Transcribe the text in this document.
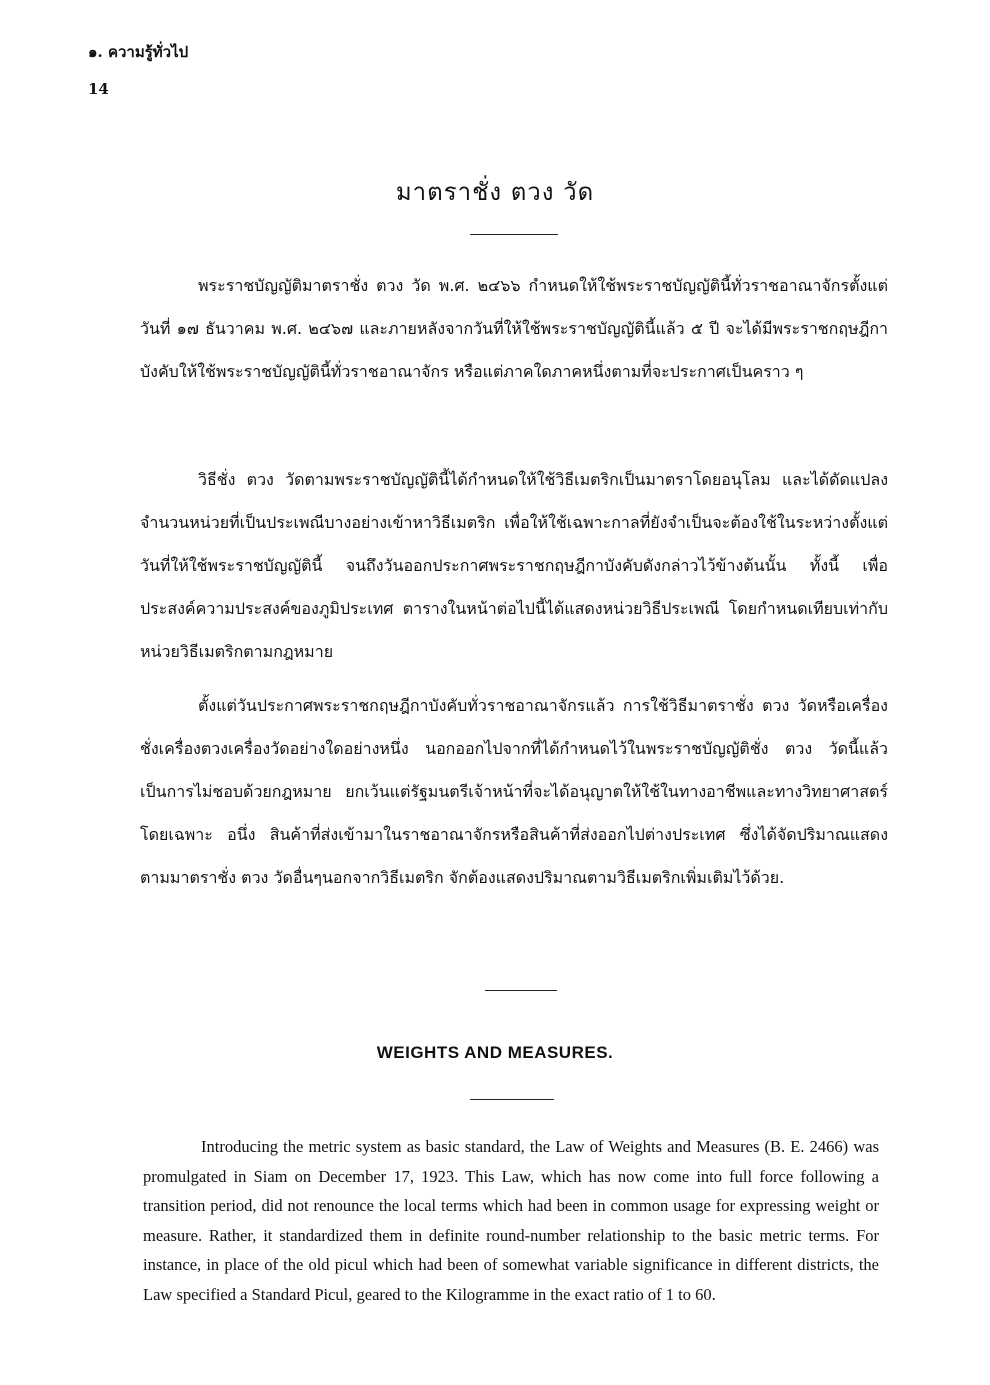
๑. ความรู้ทั่วไป
14
มาตราชั่ง ตวง วัด

พระราชบัญญัติมาตราชั่ง ตวง วัด พ.ศ. ๒๔๖๖ กำหนดให้ใช้พระราชบัญญัตินี้ทั่วราชอาณาจักรตั้งแต่วันที่ ๑๗ ธันวาคม พ.ศ. ๒๔๖๗ และภายหลังจากวันที่ให้ใช้พระราชบัญญัตินี้แล้ว ๕ ปี จะได้มีพระราชกฤษฎีกาบังคับให้ใช้พระราชบัญญัตินี้ทั่วราชอาณาจักร หรือแต่ภาคใดภาคหนึ่งตามที่จะประกาศเป็นคราว ๆ

วิธีชั่ง ตวง วัดตามพระราชบัญญัตินี้ได้กำหนดให้ใช้วิธีเมตริกเป็นมาตราโดยอนุโลม และได้ดัดแปลงจำนวนหน่วยที่เป็นประเพณีบางอย่างเข้าหาวิธีเมตริก เพื่อให้ใช้เฉพาะกาลที่ยังจำเป็นจะต้องใช้ในระหว่างตั้งแต่วันที่ให้ใช้พระราชบัญญัตินี้ จนถึงวันออกประกาศพระราชกฤษฎีกาบังคับดังกล่าวไว้ข้างต้นนั้น ทั้งนี้ เพื่อประสงค์ความประสงค์ของภูมิประเทศ ตารางในหน้าต่อไปนี้ได้แสดงหน่วยวิธีประเพณี โดยกำหนดเทียบเท่ากับหน่วยวิธีเมตริกตามกฎหมาย

ตั้งแต่วันประกาศพระราชกฤษฎีกาบังคับทั่วราชอาณาจักรแล้ว การใช้วิธีมาตราชั่ง ตวง วัดหรือเครื่องชั่งเครื่องตวงเครื่องวัดอย่างใดอย่างหนึ่ง นอกออกไปจากที่ได้กำหนดไว้ในพระราชบัญญัติชั่ง ตวง วัดนี้แล้วเป็นการไม่ชอบด้วยกฎหมาย ยกเว้นแต่รัฐมนตรีเจ้าหน้าที่จะได้อนุญาตให้ใช้ในทางอาชีพและทางวิทยาศาสตร์โดยเฉพาะ อนึ่ง สินค้าที่ส่งเข้ามาในราชอาณาจักรหรือสินค้าที่ส่งออกไปต่างประเทศ ซึ่งได้จัดปริมาณแสดงตามมาตราชั่ง ตวง วัดอื่นๆนอกจากวิธีเมตริก จักต้องแสดงปริมาณตามวิธีเมตริกเพิ่มเติมไว้ด้วย.

WEIGHTS AND MEASURES.

Introducing the metric system as basic standard, the Law of Weights and Measures (B. E. 2466) was promulgated in Siam on December 17, 1923. This Law, which has now come into full force following a transition period, did not renounce the local terms which had been in common usage for expressing weight or measure. Rather, it standardized them in definite round-number relationship to the basic metric terms. For instance, in place of the old picul which had been of somewhat variable significance in different districts, the Law specified a Standard Picul, geared to the Kilogramme in the exact ratio of 1 to 60.
